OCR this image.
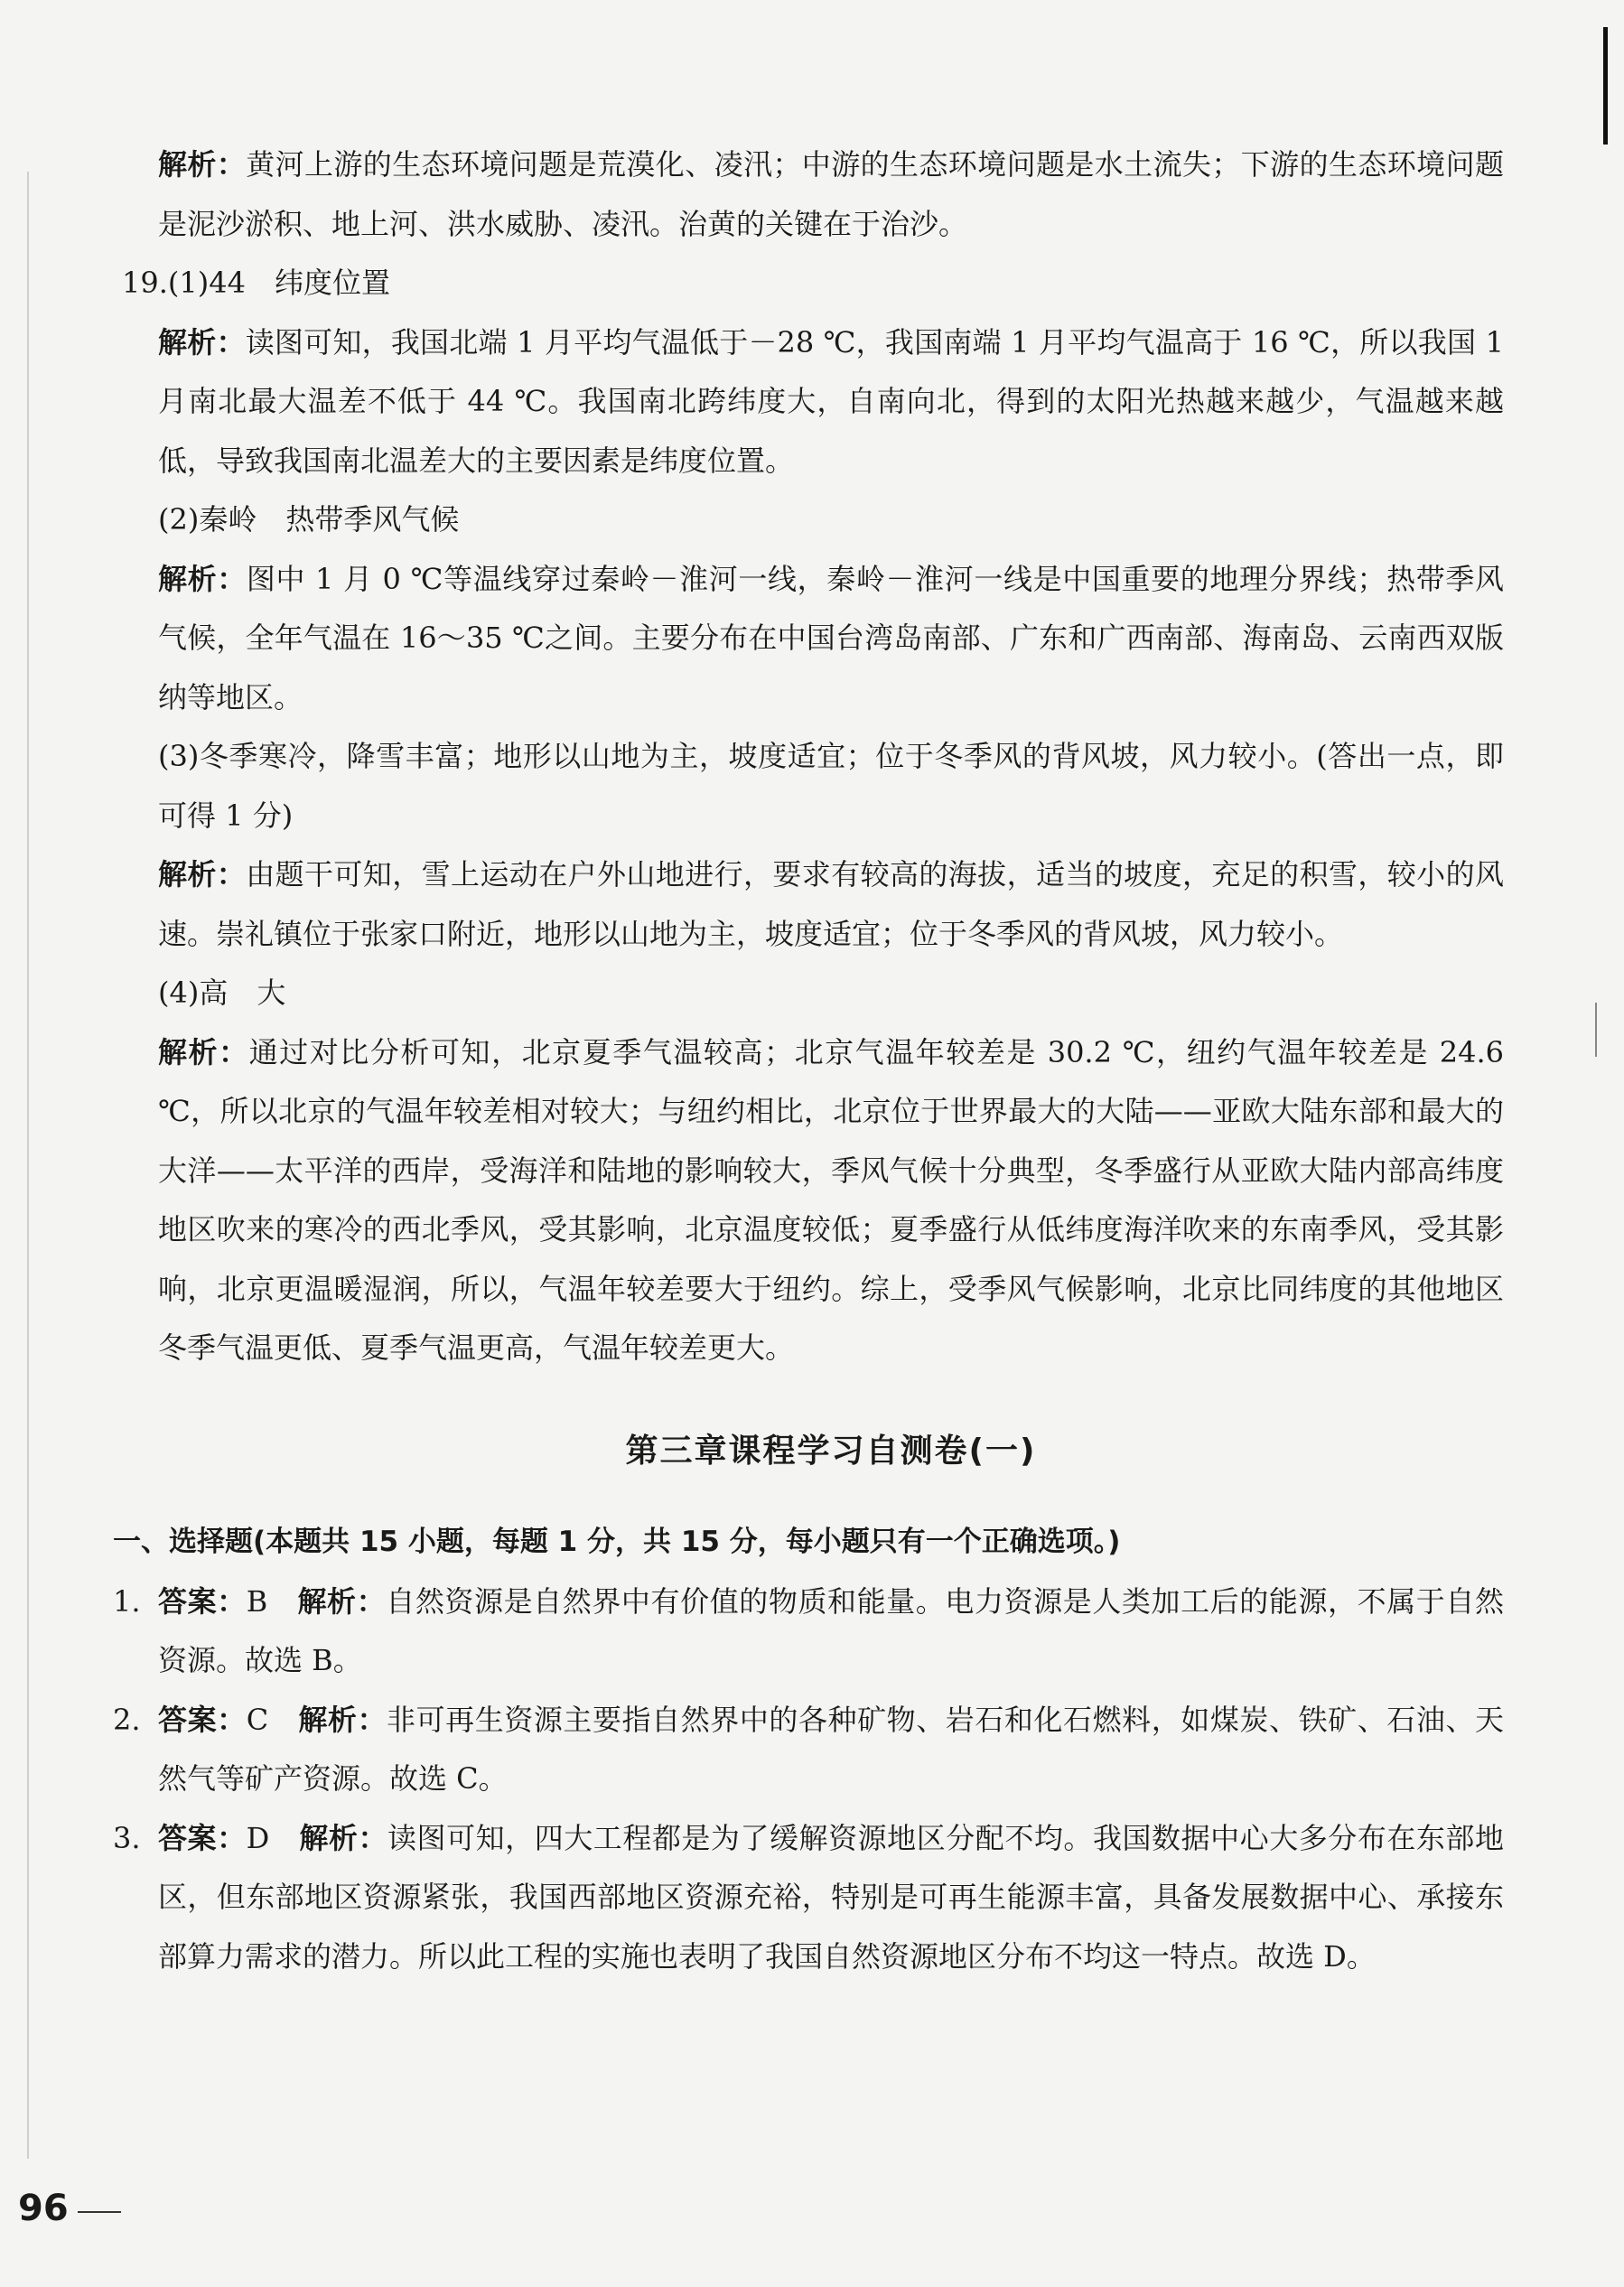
解析：黄河上游的生态环境问题是荒漠化、凌汛；中游的生态环境问题是水土流失；下游的生态环境问题是泥沙淤积、地上河、洪水威胁、凌汛。治黄的关键在于治沙。

19.(1)44　纬度位置

解析：读图可知，我国北端 1 月平均气温低于－28 ℃，我国南端 1 月平均气温高于 16 ℃，所以我国 1 月南北最大温差不低于 44 ℃。我国南北跨纬度大，自南向北，得到的太阳光热越来越少，气温越来越低，导致我国南北温差大的主要因素是纬度位置。

(2)秦岭　热带季风气候

解析：图中 1 月 0 ℃等温线穿过秦岭－淮河一线，秦岭－淮河一线是中国重要的地理分界线；热带季风气候，全年气温在 16～35 ℃之间。主要分布在中国台湾岛南部、广东和广西南部、海南岛、云南西双版纳等地区。

(3)冬季寒冷，降雪丰富；地形以山地为主，坡度适宜；位于冬季风的背风坡，风力较小。(答出一点，即可得 1 分)

解析：由题干可知，雪上运动在户外山地进行，要求有较高的海拔，适当的坡度，充足的积雪，较小的风速。崇礼镇位于张家口附近，地形以山地为主，坡度适宜；位于冬季风的背风坡，风力较小。

(4)高　大

解析：通过对比分析可知，北京夏季气温较高；北京气温年较差是 30.2 ℃，纽约气温年较差是 24.6 ℃，所以北京的气温年较差相对较大；与纽约相比，北京位于世界最大的大陆——亚欧大陆东部和最大的大洋——太平洋的西岸，受海洋和陆地的影响较大，季风气候十分典型，冬季盛行从亚欧大陆内部高纬度地区吹来的寒冷的西北季风，受其影响，北京温度较低；夏季盛行从低纬度海洋吹来的东南季风，受其影响，北京更温暖湿润，所以，气温年较差要大于纽约。综上，受季风气候影响，北京比同纬度的其他地区冬季气温更低、夏季气温更高，气温年较差更大。

第三章课程学习自测卷(一)

一、选择题(本题共 15 小题，每题 1 分，共 15 分，每小题只有一个正确选项。)

1. 答案：B　 解析：自然资源是自然界中有价值的物质和能量。电力资源是人类加工后的能源，不属于自然资源。故选 B。
2. 答案：C　 解析：非可再生资源主要指自然界中的各种矿物、岩石和化石燃料，如煤炭、铁矿、石油、天然气等矿产资源。故选 C。
3. 答案：D　 解析：读图可知，四大工程都是为了缓解资源地区分配不均。我国数据中心大多分布在东部地区，但东部地区资源紧张，我国西部地区资源充裕，特别是可再生能源丰富，具备发展数据中心、承接东部算力需求的潜力。所以此工程的实施也表明了我国自然资源地区分布不均这一特点。故选 D。
96
